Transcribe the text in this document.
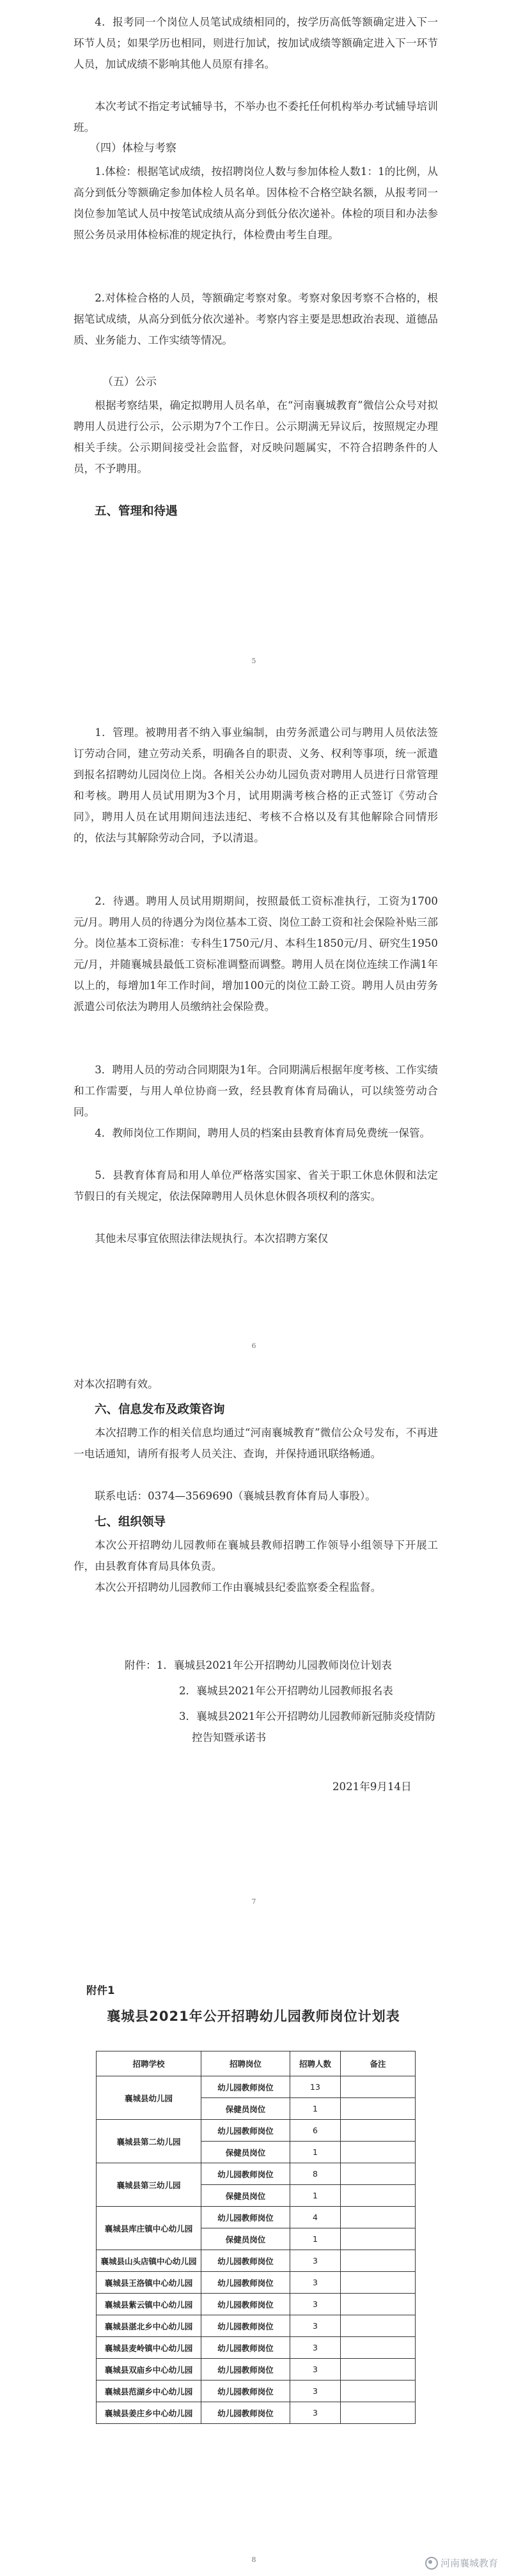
4．报考同一个岗位人员笔试成绩相同的，按学历高低等额确定进入下一环节人员；如果学历也相同，则进行加试，按加试成绩等额确定进入下一环节人员，加试成绩不影响其他人员原有排名。

本次考试不指定考试辅导书，不举办也不委托任何机构举办考试辅导培训班。

（四）体检与考察

1.体检：根据笔试成绩，按招聘岗位人数与参加体检人数1：1的比例，从高分到低分等额确定参加体检人员名单。因体检不合格空缺名额，从报考同一岗位参加笔试人员中按笔试成绩从高分到低分依次递补。体检的项目和办法参照公务员录用体检标准的规定执行，体检费由考生自理。

2.对体检合格的人员，等额确定考察对象。考察对象因考察不合格的，根据笔试成绩，从高分到低分依次递补。考察内容主要是思想政治表现、道德品质、业务能力、工作实绩等情况。

（五）公示

根据考察结果，确定拟聘用人员名单，在“河南襄城教育”微信公众号对拟聘用人员进行公示，公示期为7个工作日。公示期满无异议后，按照规定办理相关手续。公示期间接受社会监督，对反映问题属实，不符合招聘条件的人员，不予聘用。

五、管理和待遇

5

1．管理。被聘用者不纳入事业编制，由劳务派遣公司与聘用人员依法签订劳动合同，建立劳动关系，明确各自的职责、义务、权利等事项，统一派遣到报名招聘幼儿园岗位上岗。各相关公办幼儿园负责对聘用人员进行日常管理和考核。聘用人员试用期为3个月，试用期满考核合格的正式签订《劳动合同》，聘用人员在试用期间违法违纪、考核不合格以及有其他解除合同情形的，依法与其解除劳动合同，予以清退。

2．待遇。聘用人员试用期期间，按照最低工资标准执行，工资为1700元/月。聘用人员的待遇分为岗位基本工资、岗位工龄工资和社会保险补贴三部分。岗位基本工资标准：专科生1750元/月、本科生1850元/月、研究生1950元/月，并随襄城县最低工资标准调整而调整。聘用人员在岗位连续工作满1年以上的，每增加1年工作时间，增加100元的岗位工龄工资。聘用人员由劳务派遣公司依法为聘用人员缴纳社会保险费。

3．聘用人员的劳动合同期限为1年。合同期满后根据年度考核、工作实绩和工作需要，与用人单位协商一致，经县教育体育局确认，可以续签劳动合同。

4．教师岗位工作期间，聘用人员的档案由县教育体育局免费统一保管。

5．县教育体育局和用人单位严格落实国家、省关于职工休息休假和法定节假日的有关规定，依法保障聘用人员休息休假各项权利的落实。

其他未尽事宜依照法律法规执行。本次招聘方案仅

6

对本次招聘有效。

六、信息发布及政策咨询

本次招聘工作的相关信息均通过“河南襄城教育”微信公众号发布，不再进一电话通知，请所有报考人员关注、查询，并保持通讯联络畅通。

联系电话：0374—3569690（襄城县教育体育局人事股）。

七、组织领导

本次公开招聘幼儿园教师在襄城县教师招聘工作领导小组领导下开展工作，由县教育体育局具体负责。

本次公开招聘幼儿园教师工作由襄城县纪委监察委全程监督。

附件：1．襄城县2021年公开招聘幼儿园教师岗位计划表
2．襄城县2021年公开招聘幼儿园教师报名表
3．襄城县2021年公开招聘幼儿园教师新冠肺炎疫情防
控告知暨承诺书
2021年9月14日
7
附件1
襄城县2021年公开招聘幼儿园教师岗位计划表
招聘学校	招聘岗位	招聘人数	备注
襄城县幼儿园	幼儿园教师岗位	13	
	保健员岗位	1	
襄城县第二幼儿园	幼儿园教师岗位	6	
	保健员岗位	1	
襄城县第三幼儿园	幼儿园教师岗位	8	
	保健员岗位	1	
襄城县库庄镇中心幼儿园	幼儿园教师岗位	4	
	保健员岗位	1	
襄城县山头店镇中心幼儿园	幼儿园教师岗位	3	
襄城县王洛镇中心幼儿园	幼儿园教师岗位	3	
襄城县紫云镇中心幼儿园	幼儿园教师岗位	3	
襄城县湛北乡中心幼儿园	幼儿园教师岗位	3	
襄城县麦岭镇中心幼儿园	幼儿园教师岗位	3	
襄城县双庙乡中心幼儿园	幼儿园教师岗位	3	
襄城县范湖乡中心幼儿园	幼儿园教师岗位	3	
襄城县姜庄乡中心幼儿园	幼儿园教师岗位	3	
8	河南襄城教育
